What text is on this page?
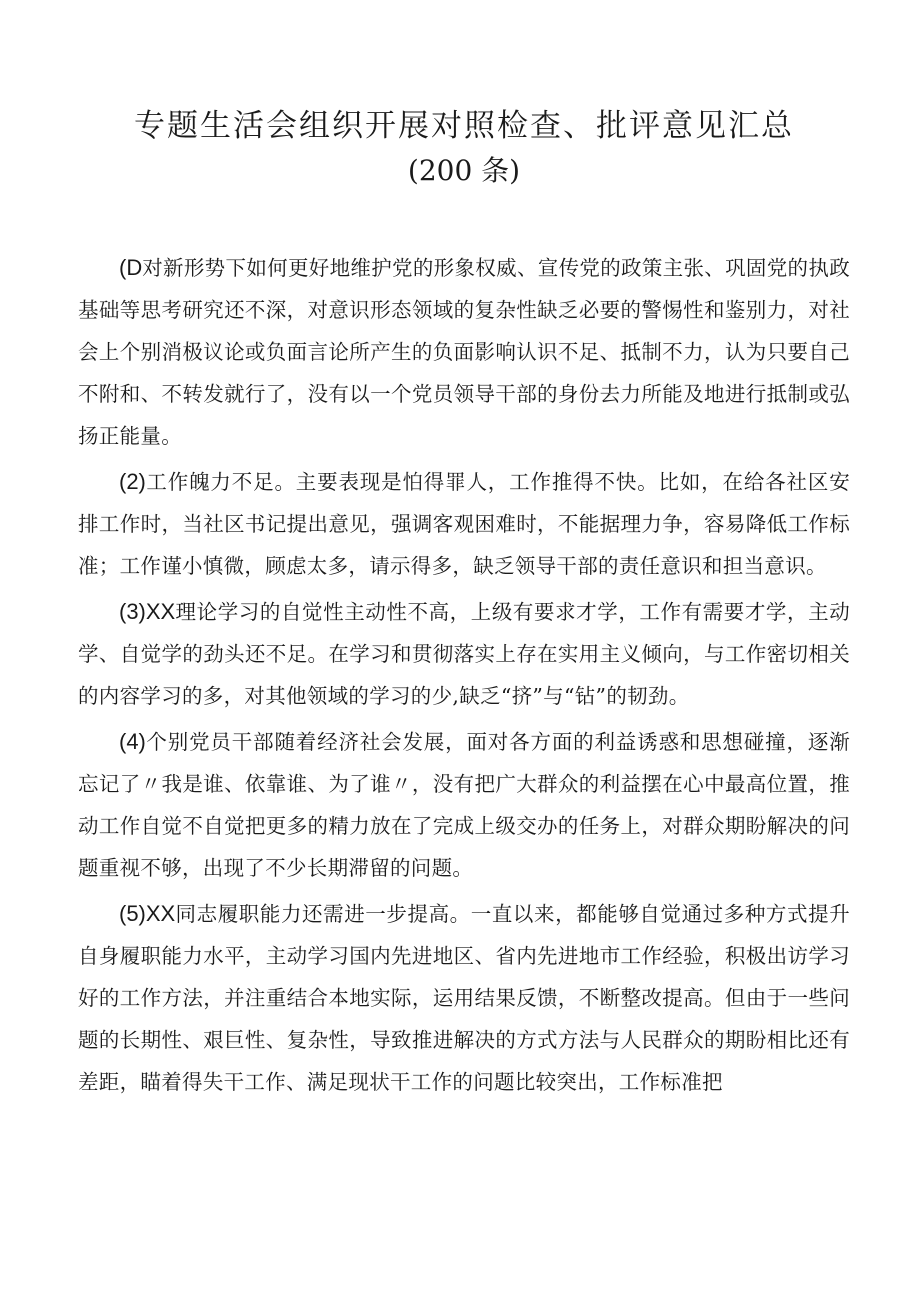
专题生活会组织开展对照检查、批评意见汇总
(200 条)

(D对新形势下如何更好地维护党的形象权威、宣传党的政策主张、巩固党的执政基础等思考研究还不深，对意识形态领域的复杂性缺乏必要的警惕性和鉴别力，对社会上个别消极议论或负面言论所产生的负面影响认识不足、抵制不力，认为只要自己不附和、不转发就行了，没有以一个党员领导干部的身份去力所能及地进行抵制或弘扬正能量。

(2)工作魄力不足。主要表现是怕得罪人，工作推得不快。比如，在给各社区安排工作时，当社区书记提出意见，强调客观困难时，不能据理力争，容易降低工作标准；工作谨小慎微，顾虑太多，请示得多，缺乏领导干部的责任意识和担当意识。

(3)XX理论学习的自觉性主动性不高，上级有要求才学，工作有需要才学，主动学、自觉学的劲头还不足。在学习和贯彻落实上存在实用主义倾向，与工作密切相关的内容学习的多，对其他领域的学习的少,缺乏“挤”与“钻”的韧劲。

(4)个别党员干部随着经济社会发展，面对各方面的利益诱惑和思想碰撞，逐渐忘记了〃我是谁、依靠谁、为了谁〃，没有把广大群众的利益摆在心中最高位置，推动工作自觉不自觉把更多的精力放在了完成上级交办的任务上，对群众期盼解决的问题重视不够，出现了不少长期滞留的问题。

(5)XX同志履职能力还需进一步提高。一直以来，都能够自觉通过多种方式提升自身履职能力水平，主动学习国内先进地区、省内先进地市工作经验，积极出访学习好的工作方法，并注重结合本地实际，运用结果反馈，不断整改提高。但由于一些问题的长期性、艰巨性、复杂性，导致推进解决的方式方法与人民群众的期盼相比还有差距，瞄着得失干工作、满足现状干工作的问题比较突出，工作标准把
